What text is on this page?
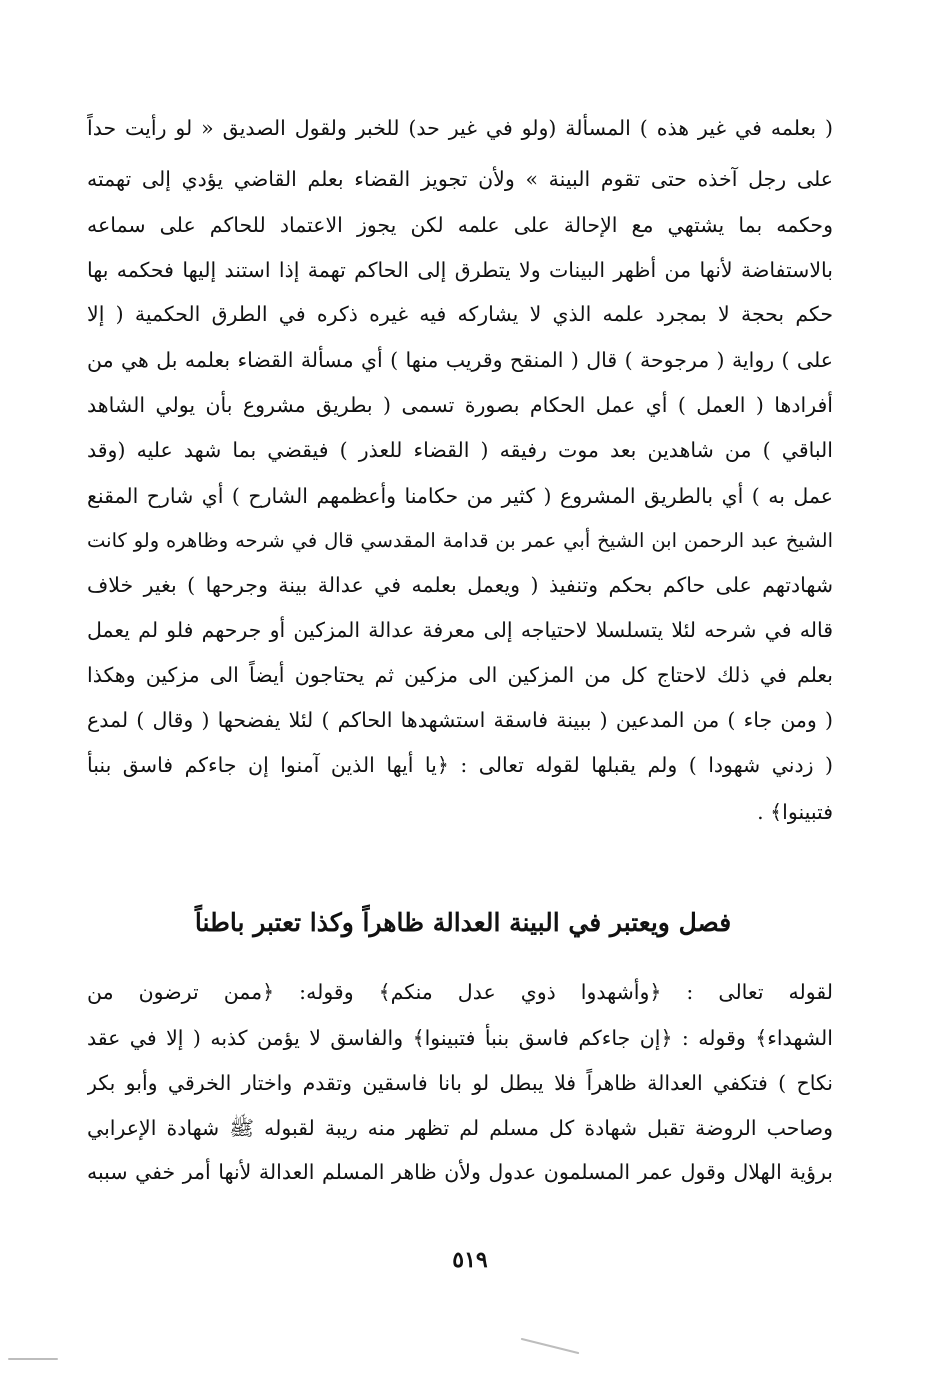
( بعلمه في غير هذه ) المسألة (ولو في غير حد) للخبر ولقول الصديق « لو رأيت حداً
على رجل آخذه حتى تقوم البينة » ولأن تجويز القضاء بعلم القاضي يؤدي إلى تهمته
وحكمه بما يشتهي مع الإحالة على علمه لكن يجوز الاعتماد للحاكم على سماعه
بالاستفاضة لأنها من أظهر البينات ولا يتطرق إلى الحاكم تهمة إذا استند إليها فحكمه بها
حكم بحجة لا بمجرد علمه الذي لا يشاركه فيه غيره ذكره في الطرق الحكمية ( إلا
على ) رواية ( مرجوحة ) قال ( المنقح وقريب منها ) أي مسألة القضاء بعلمه بل هي من
أفرادها ( العمل ) أي عمل الحكام بصورة تسمى ( بطريق مشروع بأن يولي الشاهد
الباقي ) من شاهدين بعد موت رفيقه ( القضاء للعذر ) فيقضي بما شهد عليه (وقد
عمل به ) أي بالطريق المشروع ( كثير من حكامنا وأعظمهم الشارح ) أي شارح المقنع
الشيخ عبد الرحمن ابن الشيخ أبي عمر بن قدامة المقدسي قال في شرحه وظاهره ولو كانت
شهادتهم على حاكم بحكم وتنفيذ ( ويعمل بعلمه في عدالة بينة وجرحها ) بغير خلاف
قاله في شرحه لئلا يتسلسلا لاحتياجه إلى معرفة عدالة المزكين أو جرحهم فلو لم يعمل
بعلم في ذلك لاحتاج كل من المزكين الى مزكين ثم يحتاجون أيضاً الى مزكين وهكذا
( ومن جاء ) من المدعين ( ببينة فاسقة استشهدها الحاكم ) لئلا يفضحها ( وقال ) لمدع
( زدني شهودا ) ولم يقبلها لقوله تعالى : ﴿يا أيها الذين آمنوا إن جاءكم فاسق بنبأ
فتبينوا﴾ .
فصل ويعتبر في البينة العدالة ظاهراً وكذا تعتبر باطناً
لقوله تعالى : ﴿وأشهدوا ذوي عدل منكم﴾ وقوله: ﴿ممن ترضون من
الشهداء﴾ وقوله : ﴿إن جاءكم فاسق بنبأ فتبينوا﴾ والفاسق لا يؤمن كذبه ( إلا في عقد
نكاح ) فتكفي العدالة ظاهراً فلا يبطل لو بانا فاسقين وتقدم واختار الخرقي وأبو بكر
وصاحب الروضة تقبل شهادة كل مسلم لم تظهر منه ريبة لقبوله ﷺ شهادة الإعرابي
برؤية الهلال وقول عمر المسلمون عدول ولأن ظاهر المسلم العدالة لأنها أمر خفي سببه
٥١٩
